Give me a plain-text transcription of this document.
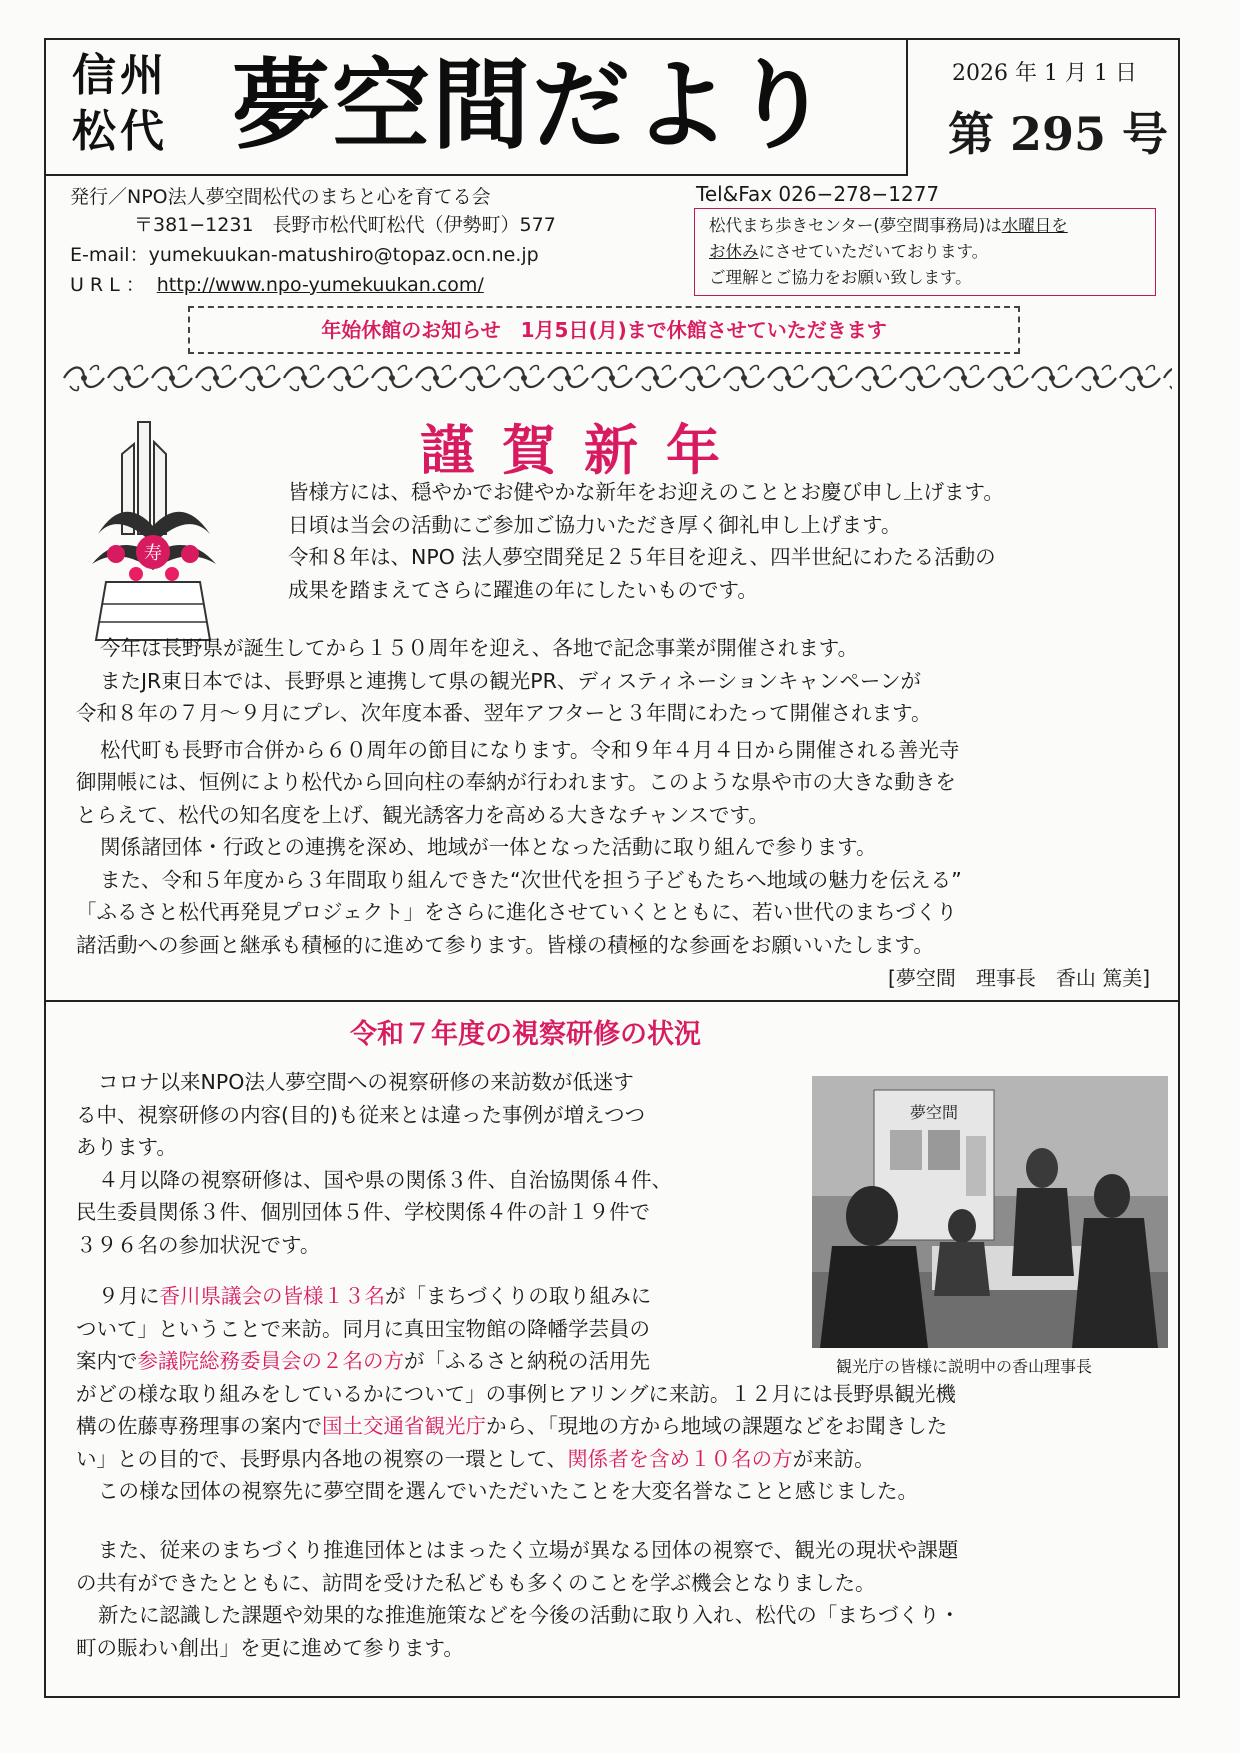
信州
松代 夢空間だより	2026 年 1 月 1 日
第 295 号
発行／NPO法人夢空間松代のまちと心を育てる会	Tel&Fax 026−278−1277
〒381−1231　長野市松代町松代（伊勢町）577
E-mail：yumekuukan-matushiro@topaz.ocn.ne.jp
URL： http://www.npo-yumekuukan.com/
松代まち歩きセンター(夢空間事務局)は水曜日を
お休みにさせていただいております。
ご理解とご協力をお願い致します。
年始休館のお知らせ　1月5日(月)まで休館させていただきます
寿
謹賀新年
皆様方には、穏やかでお健やかな新年をお迎えのこととお慶び申し上げます。
日頃は当会の活動にご参加ご協力いただき厚く御礼申し上げます。
令和８年は、NPO 法人夢空間発足２５年目を迎え、四半世紀にわたる活動の
成果を踏まえてさらに躍進の年にしたいものです。
今年は長野県が誕生してから１５０周年を迎え、各地で記念事業が開催されます。
またJR東日本では、長野県と連携して県の観光PR、ディスティネーションキャンペーンが
令和８年の７月～９月にプレ、次年度本番、翌年アフターと３年間にわたって開催されます。
松代町も長野市合併から６０周年の節目になります。令和９年４月４日から開催される善光寺
御開帳には、恒例により松代から回向柱の奉納が行われます。このような県や市の大きな動きを
とらえて、松代の知名度を上げ、観光誘客力を高める大きなチャンスです。
関係諸団体・行政との連携を深め、地域が一体となった活動に取り組んで参ります。
また、令和５年度から３年間取り組んできた“次世代を担う子どもたちへ地域の魅力を伝える”
「ふるさと松代再発見プロジェクト」をさらに進化させていくとともに、若い世代のまちづくり
諸活動への参画と継承も積極的に進めて参ります。皆様の積極的な参画をお願いいたします。
[夢空間　理事長　香山 篤美]
令和７年度の視察研修の状況
コロナ以来NPO法人夢空間への視察研修の来訪数が低迷す
る中、視察研修の内容(目的)も従来とは違った事例が増えつつ
あります。
４月以降の視察研修は、国や県の関係３件、自治協関係４件、
民生委員関係３件、個別団体５件、学校関係４件の計１９件で
３９６名の参加状況です。
夢空間
観光庁の皆様に説明中の香山理事長
９月に香川県議会の皆様１３名が「まちづくりの取り組みに
ついて」ということで来訪。同月に真田宝物館の降幡学芸員の
案内で参議院総務委員会の２名の方が「ふるさと納税の活用先
がどの様な取り組みをしているかについて」の事例ヒアリングに来訪。１２月には長野県観光機
構の佐藤専務理事の案内で国土交通省観光庁から、「現地の方から地域の課題などをお聞きした
い」との目的で、長野県内各地の視察の一環として、関係者を含め１０名の方が来訪。
この様な団体の視察先に夢空間を選んでいただいたことを大変名誉なことと感じました。
また、従来のまちづくり推進団体とはまったく立場が異なる団体の視察で、観光の現状や課題
の共有ができたとともに、訪問を受けた私どもも多くのことを学ぶ機会となりました。
新たに認識した課題や効果的な推進施策などを今後の活動に取り入れ、松代の「まちづくり・
町の賑わい創出」を更に進めて参ります。
